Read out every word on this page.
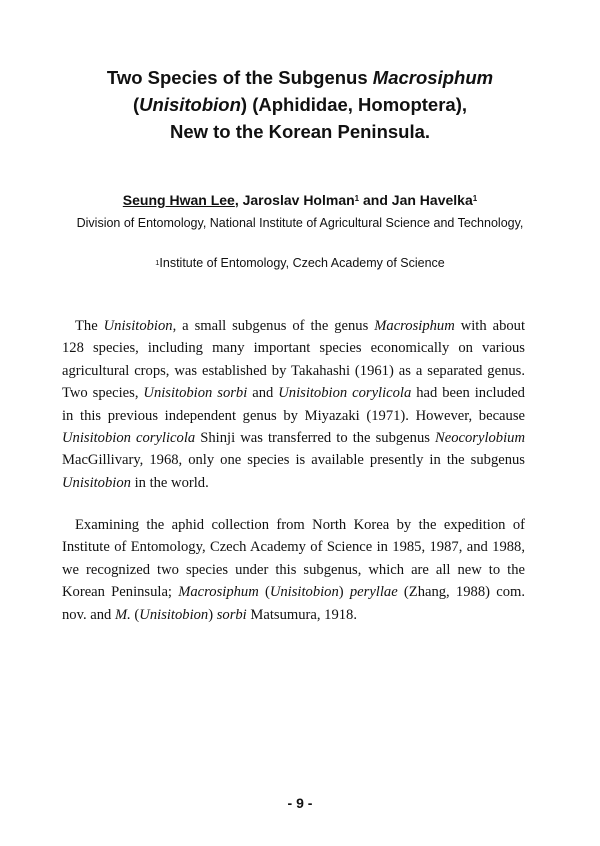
Two Species of the Subgenus Macrosiphum
(Unisitobion) (Aphididae, Homoptera),
New to the Korean Peninsula.
Seung Hwan Lee, Jaroslav Holman$^1$ and Jan Havelka$^1$
Division of Entomology, National Institute of Agricultural Science and Technology,
$^1$Institute of Entomology, Czech Academy of Science

The Unisitobion, a small subgenus of the genus Macrosiphum with about 128 species, including many important species economically on various agricultural crops, was established by Takahashi (1961) as a separated genus. Two species, Unisitobion sorbi and Unisitobion corylicola had been included in this previous independent genus by Miyazaki (1971). However, because Unisitobion corylicola Shinji was transferred to the subgenus Neocorylobium MacGillivary, 1968, only one species is available presently in the subgenus Unisitobion in the world.

Examining the aphid collection from North Korea by the expedition of Institute of Entomology, Czech Academy of Science in 1985, 1987, and 1988, we recognized two species under this subgenus, which are all new to the Korean Peninsula; Macrosiphum (Unisitobion) peryllae (Zhang, 1988) com. nov. and M. (Unisitobion) sorbi Matsumura, 1918.

- 9 -
